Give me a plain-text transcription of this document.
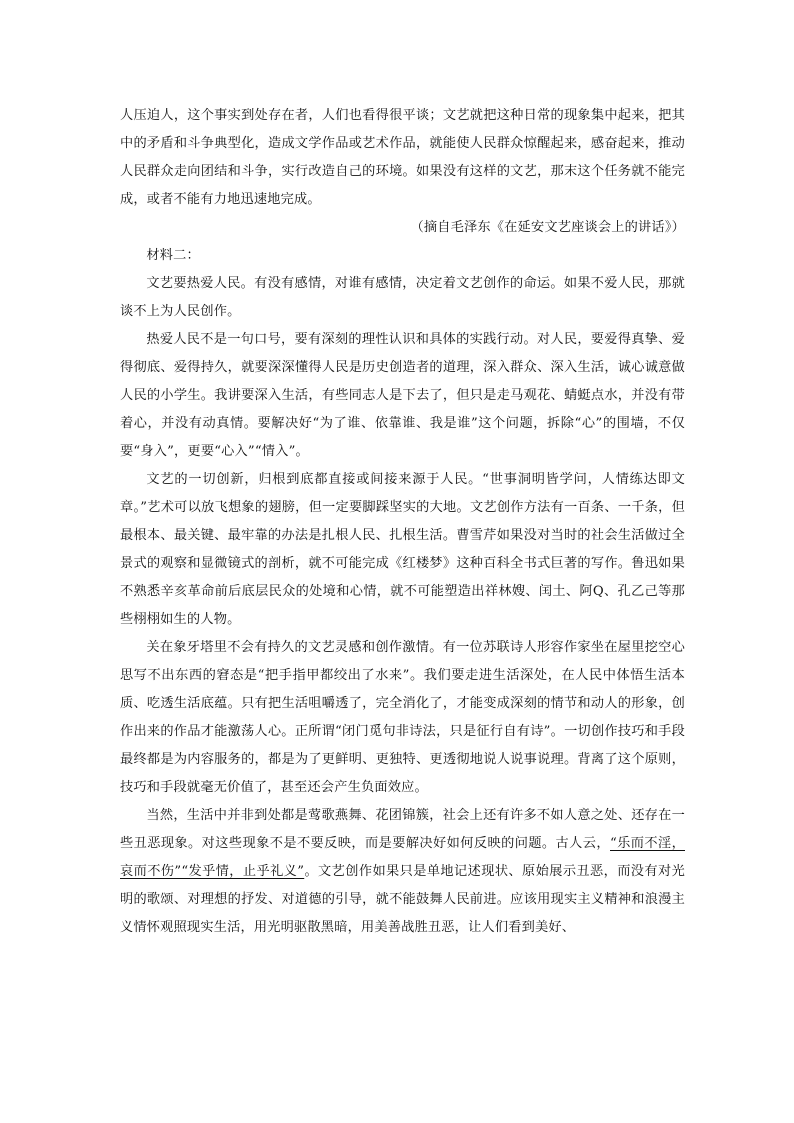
人压迫人，这个事实到处存在者，人们也看得很平谈；文艺就把这种日常的现象集中起来，把其中的矛盾和斗争典型化，造成文学作品或艺术作品，就能使人民群众惊醒起来，感奋起来，推动人民群众走向团结和斗争，实行改造自己的环境。如果没有这样的文艺，那末这个任务就不能完成，或者不能有力地迅速地完成。

（摘自毛泽东《在延安文艺座谈会上的讲话》）

材料二：

文艺要热爱人民。有没有感情，对谁有感情，决定着文艺创作的命运。如果不爱人民，那就谈不上为人民创作。

热爱人民不是一句口号，要有深刻的理性认识和具体的实践行动。对人民，要爱得真挚、爱得彻底、爱得持久，就要深深懂得人民是历史创造者的道理，深入群众、深入生活，诚心诚意做人民的小学生。我讲要深入生活，有些同志人是下去了，但只是走马观花、蜻蜓点水，并没有带着心，并没有动真情。要解决好“为了谁、依靠谁、我是谁”这个问题，拆除“心”的围墙，不仅要“身入”，更要“心入”“情入”。

文艺的一切创新，归根到底都直接或间接来源于人民。“世事洞明皆学问，人情练达即文章。”艺术可以放飞想象的翅膀，但一定要脚踩坚实的大地。文艺创作方法有一百条、一千条，但最根本、最关键、最牢靠的办法是扎根人民、扎根生活。曹雪芹如果没对当时的社会生活做过全景式的观察和显微镜式的剖析，就不可能完成《红楼梦》这种百科全书式巨著的写作。鲁迅如果不熟悉辛亥革命前后底层民众的处境和心情，就不可能塑造出祥林嫂、闰土、阿Q、孔乙己等那些栩栩如生的人物。

关在象牙塔里不会有持久的文艺灵感和创作激情。有一位苏联诗人形容作家坐在屋里挖空心思写不出东西的窘态是“把手指甲都绞出了水来”。我们要走进生活深处，在人民中体悟生活本质、吃透生活底蕴。只有把生活咀嚼透了，完全消化了，才能变成深刻的情节和动人的形象，创作出来的作品才能激荡人心。正所谓“闭门觅句非诗法，只是征行自有诗”。一切创作技巧和手段最终都是为内容服务的，都是为了更鲜明、更独特、更透彻地说人说事说理。背离了这个原则，技巧和手段就毫无价值了，甚至还会产生负面效应。

当然，生活中并非到处都是莺歌燕舞、花团锦簇，社会上还有许多不如人意之处、还存在一些丑恶现象。对这些现象不是不要反映，而是要解决好如何反映的问题。古人云，“乐而不淫，哀而不伤”“发乎情，止乎礼义”。文艺创作如果只是单地记述现状、原始展示丑恶，而没有对光明的歌颂、对理想的抒发、对道德的引导，就不能鼓舞人民前进。应该用现实主义精神和浪漫主义情怀观照现实生活，用光明驱散黑暗，用美善战胜丑恶，让人们看到美好、
